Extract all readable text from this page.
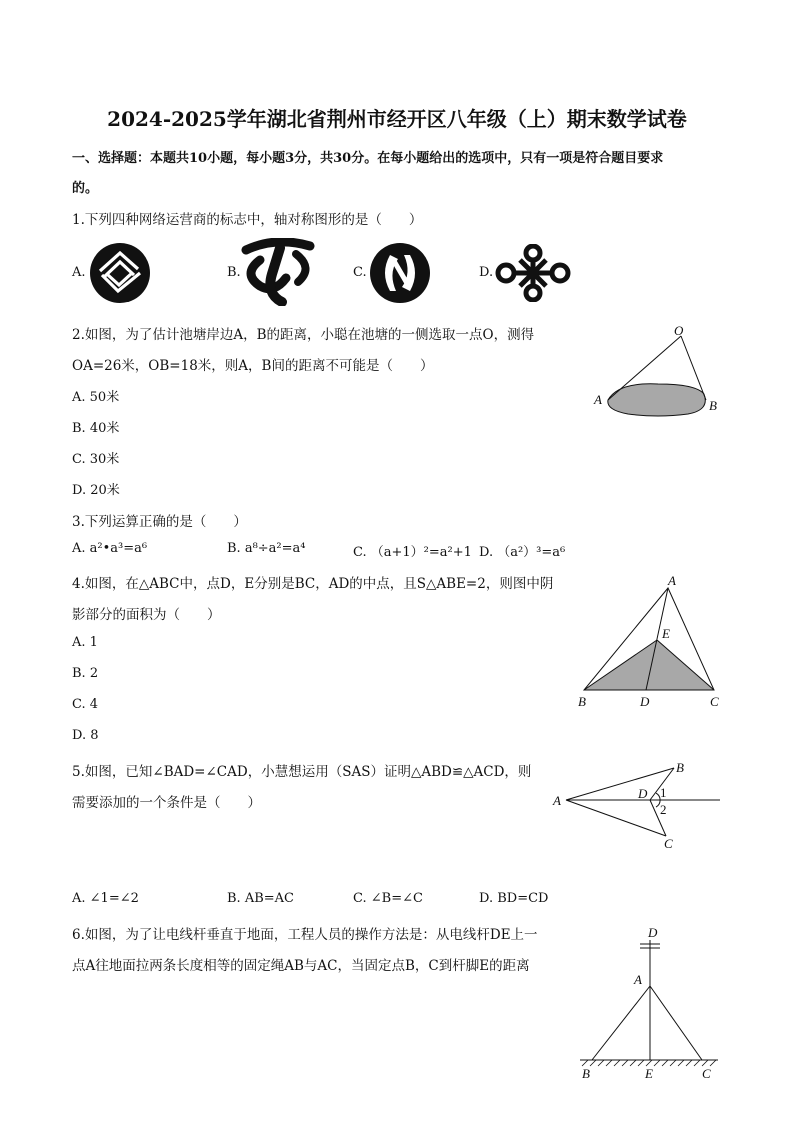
2024-2025学年湖北省荆州市经开区八年级（上）期末数学试卷
一、选择题：本题共10小题，每小题3分，共30分。在每小题给出的选项中，只有一项是符合题目要求
的。
1.下列四种网络运营商的标志中，轴对称图形的是（　　）
A.	B.	C.	D.
2.如图，为了估计池塘岸边A，B的距离，小聪在池塘的一侧选取一点O，测得
OA=26米，OB=18米，则A，B间的距离不可能是（　　）
A. 50米
B. 40米
C. 30米
D. 20米
O
A	B
3.下列运算正确的是（　　）
A. a²•a³=a⁶	B. a⁸÷a²=a⁴	C. （a+1）²=a²+1 D. （a²）³=a⁶
4.如图，在△ABC中，点D，E分别是BC，AD的中点，且S△ABE=2，则图中阴
影部分的面积为（　　）
A. 1
B. 2
C. 4
D. 8
A
E
B	D	C
5.如图，已知∠BAD=∠CAD，小慧想运用（SAS）证明△ABD≌△ACD，则
需要添加的一个条件是（　　）	A
B
D 1
2
C
A. ∠1=∠2	B. AB=AC	C. ∠B=∠C	D. BD=CD
6.如图，为了让电线杆垂直于地面，工程人员的操作方法是：从电线杆DE上一
点A往地面拉两条长度相等的固定绳AB与AC，当固定点B，C到杆脚E的距离
D
A
B	E	C
